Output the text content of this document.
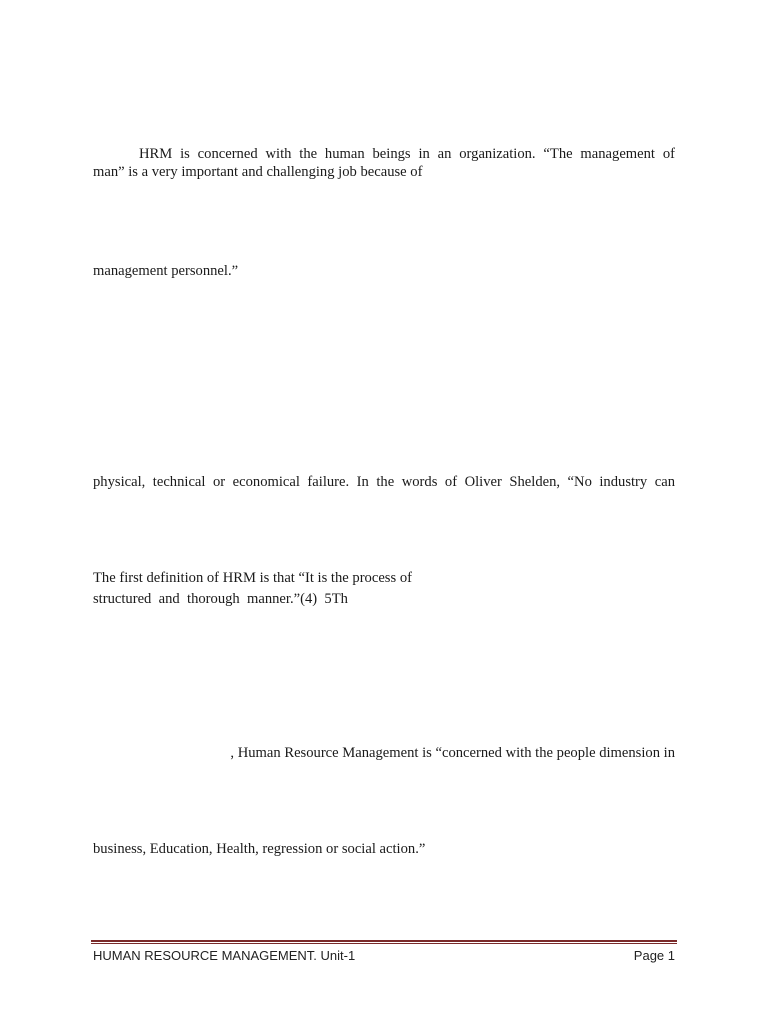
HRM is concerned with the human beings in an organization. “The management of
man” is a very important and challenging job because of
management personnel.”
physical, technical or economical failure. In the words of Oliver Shelden, “No industry can
The first definition of HRM is that “It is the process of
structured  and  thorough  manner.”(4)  5Th
, Human Resource Management is “concerned with the people dimension in
business, Education, Health, regression or social action.”
HUMAN RESOURCE MANAGEMENT. Unit-1	Page 1
